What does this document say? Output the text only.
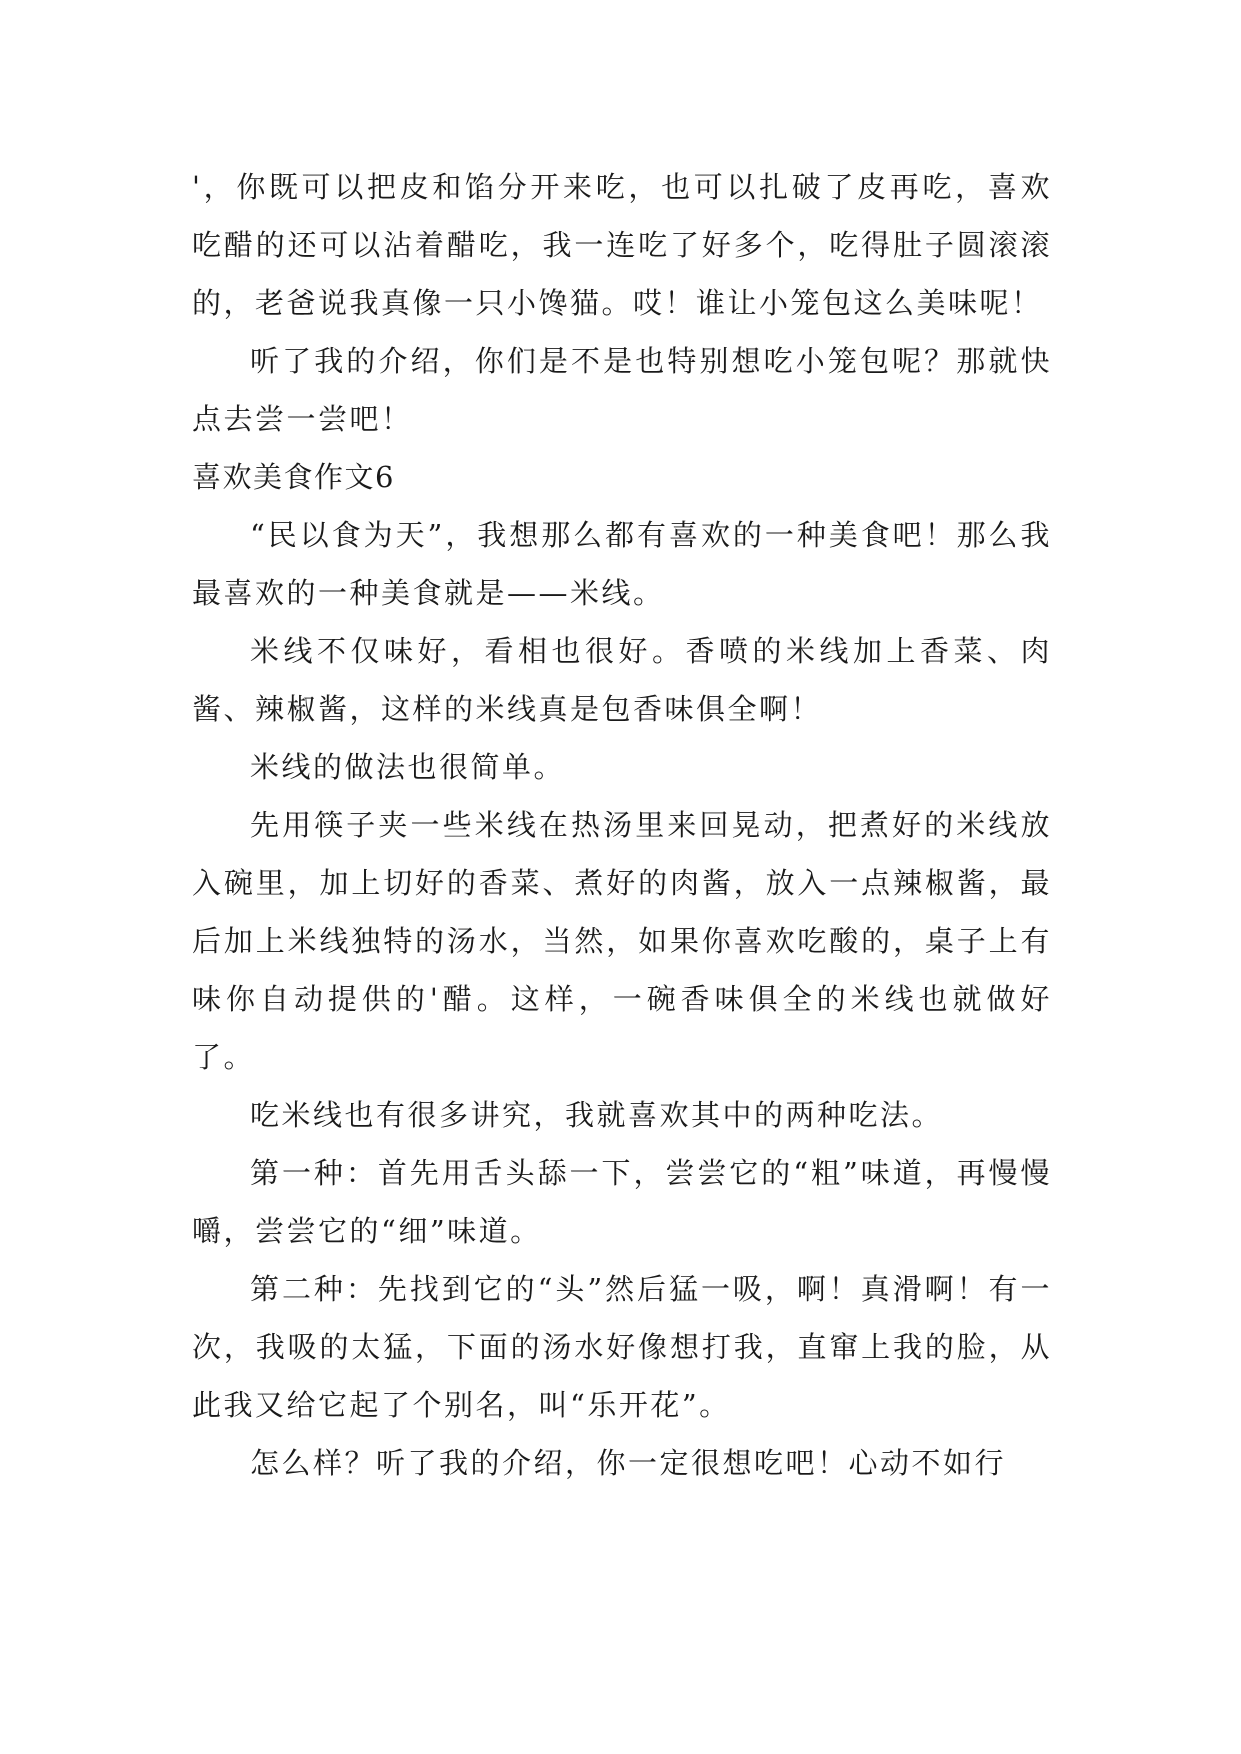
'，你既可以把皮和馅分开来吃，也可以扎破了皮再吃，喜欢吃醋的还可以沾着醋吃，我一连吃了好多个，吃得肚子圆滚滚的，老爸说我真像一只小馋猫。哎！谁让小笼包这么美味呢！

听了我的介绍，你们是不是也特别想吃小笼包呢？那就快点去尝一尝吧！

喜欢美食作文6

“民以食为天”，我想那么都有喜欢的一种美食吧！那么我最喜欢的一种美食就是——米线。

米线不仅味好，看相也很好。香喷的米线加上香菜、肉酱、辣椒酱，这样的米线真是包香味俱全啊！

米线的做法也很简单。

先用筷子夹一些米线在热汤里来回晃动，把煮好的米线放入碗里，加上切好的香菜、煮好的肉酱，放入一点辣椒酱，最后加上米线独特的汤水，当然，如果你喜欢吃酸的，桌子上有味你自动提供的'醋。这样，一碗香味俱全的米线也就做好了。

吃米线也有很多讲究，我就喜欢其中的两种吃法。

第一种：首先用舌头舔一下，尝尝它的“粗”味道，再慢慢嚼，尝尝它的“细”味道。

第二种：先找到它的“头”然后猛一吸，啊！真滑啊！有一次，我吸的太猛，下面的汤水好像想打我，直窜上我的脸，从此我又给它起了个别名，叫“乐开花”。

怎么样？听了我的介绍，你一定很想吃吧！心动不如行
